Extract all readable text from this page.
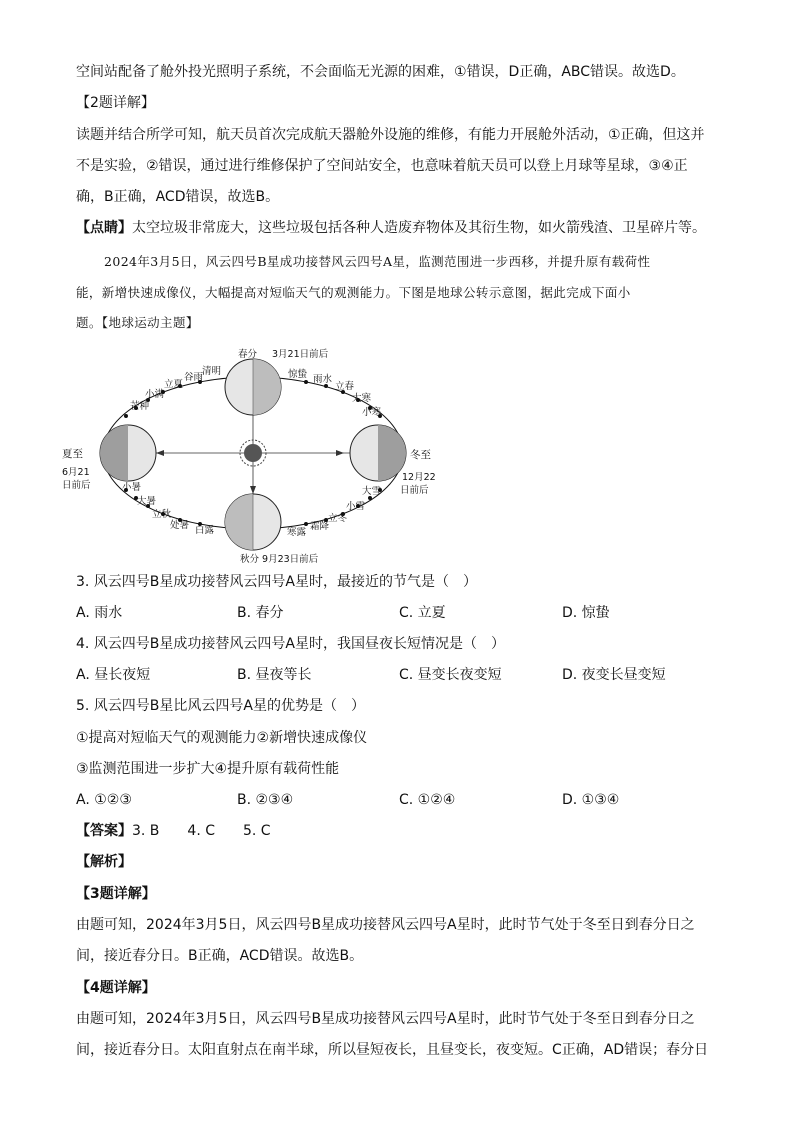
空间站配备了舱外投光照明子系统，不会面临无光源的困难，①错误，D正确，ABC错误。故选D。
【2题详解】
读题并结合所学可知，航天员首次完成航天器舱外设施的维修，有能力开展舱外活动，①正确，但这并
不是实验，②错误，通过进行维修保护了空间站安全，也意味着航天员可以登上月球等星球，③④正
确，B正确，ACD错误，故选B。
【点睛】太空垃圾非常庞大，这些垃圾包括各种人造废弃物体及其衍生物，如火箭残渣、卫星碎片等。
2024年3月5日，风云四号B星成功接替风云四号A星，监测范围进一步西移，并提升原有载荷性
能，新增快速成像仪，大幅提高对短临天气的观测能力。下图是地球公转示意图，据此完成下面小
题。【地球运动主题】
春分 3月21日前后
夏至
6月21
日前后
冬至
12月22
日前后
秋分 9月23日前后
清明
谷雨
立夏
小满
芒种
惊蛰 雨水
立春
大寒
小寒
小暑
大暑
立秋
处暑 白露
大雪
小雪
立冬
霜降
寒露
3. 风云四号B星成功接替风云四号A星时，最接近的节气是（　）
A. 雨水	B. 春分	C. 立夏	D. 惊蛰
4. 风云四号B星成功接替风云四号A星时，我国昼夜长短情况是（　）
A. 昼长夜短	B. 昼夜等长	C. 昼变长夜变短	D. 夜变长昼变短
5. 风云四号B星比风云四号A星的优势是（　）
①提高对短临天气的观测能力②新增快速成像仪
③监测范围进一步扩大④提升原有载荷性能
A. ①②③	B. ②③④	C. ①②④	D. ①③④
【答案】3. B　　4. C　　5. C
【解析】
【3题详解】
由题可知，2024年3月5日，风云四号B星成功接替风云四号A星时，此时节气处于冬至日到春分日之
间，接近春分日。B正确，ACD错误。故选B。
【4题详解】
由题可知，2024年3月5日，风云四号B星成功接替风云四号A星时，此时节气处于冬至日到春分日之
间，接近春分日。太阳直射点在南半球，所以昼短夜长，且昼变长，夜变短。C正确，AD错误；春分日
